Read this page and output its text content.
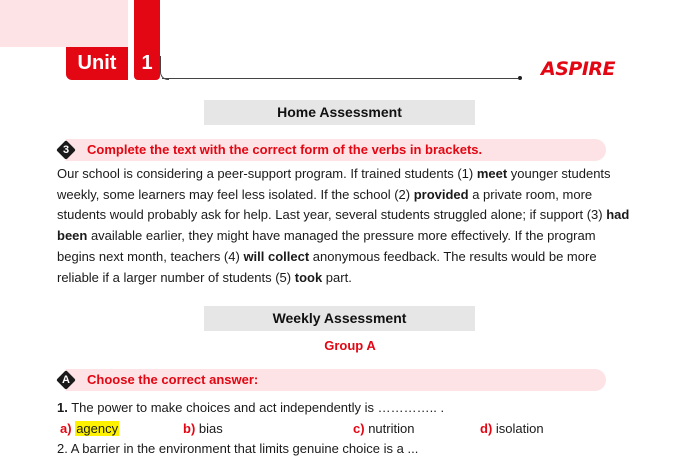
Unit	1	ASPIRE
Home Assessment
3	Complete the text with the correct form of the verbs in brackets.
Our school is considering a peer-support program. If trained students (1) meet younger students weekly, some learners may feel less isolated. If the school (2) provided a private room, more students would probably ask for help. Last year, several students struggled alone; if support (3) had been available earlier, they might have managed the pressure more effectively. If the program begins next month, teachers (4) will collect anonymous feedback. The results would be more reliable if a larger number of students (5) took part.
Weekly Assessment
Group A
A	Choose the correct answer:
1. The power to make choices and act independently is ………….. .
a) agency	b) bias	c) nutrition	d) isolation
2. A barrier in the environment that limits genuine choice is a ...
